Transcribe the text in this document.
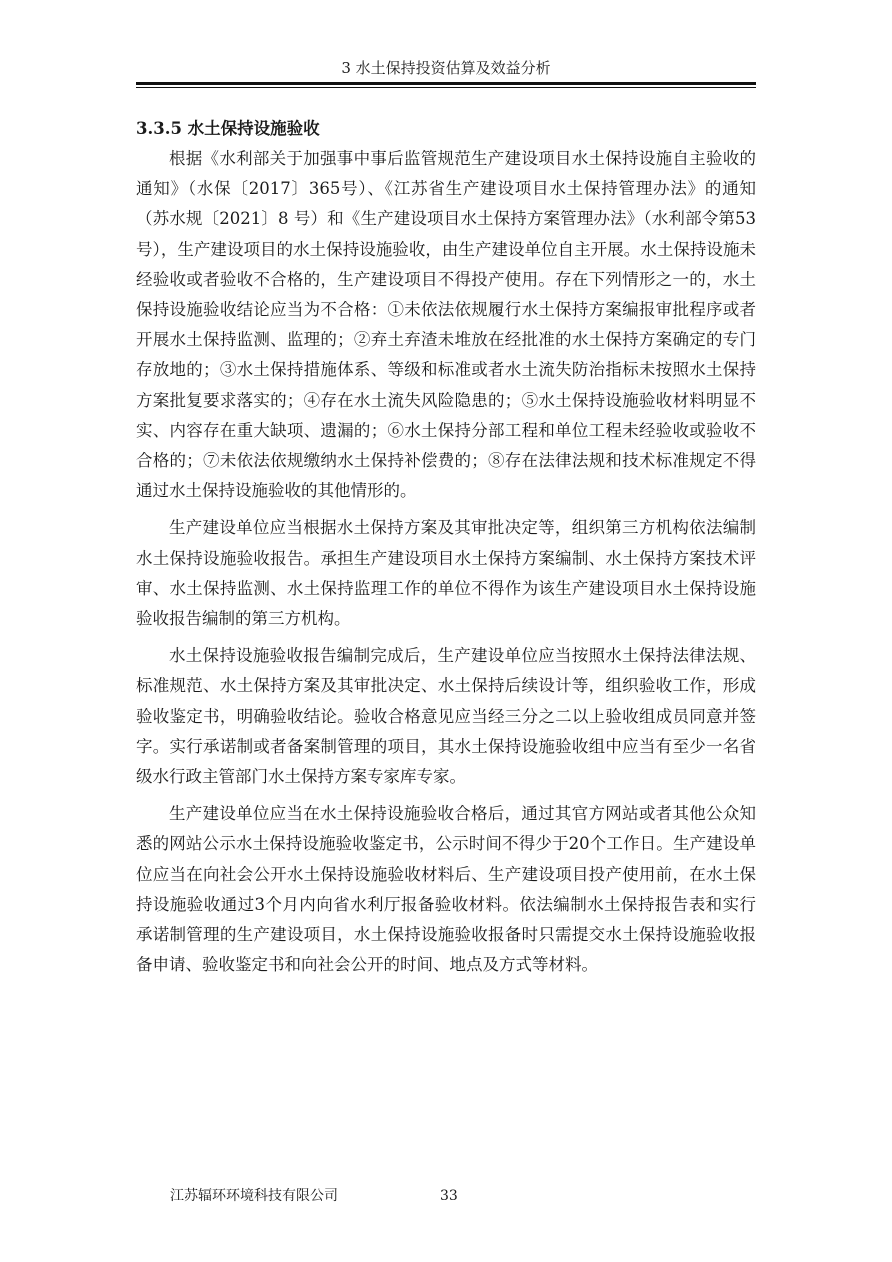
3 水土保持投资估算及效益分析
3.3.5 水土保持设施验收

根据《水利部关于加强事中事后监管规范生产建设项目水土保持设施自主验收的通知》（水保〔2017〕365号）、《江苏省生产建设项目水土保持管理办法》的通知（苏水规〔2021〕8 号）和《生产建设项目水土保持方案管理办法》（水利部令第53号），生产建设项目的水土保持设施验收，由生产建设单位自主开展。水土保持设施未经验收或者验收不合格的，生产建设项目不得投产使用。存在下列情形之一的，水土保持设施验收结论应当为不合格：①未依法依规履行水土保持方案编报审批程序或者开展水土保持监测、监理的；②弃土弃渣未堆放在经批准的水土保持方案确定的专门存放地的；③水土保持措施体系、等级和标准或者水土流失防治指标未按照水土保持方案批复要求落实的；④存在水土流失风险隐患的；⑤水土保持设施验收材料明显不实、内容存在重大缺项、遗漏的；⑥水土保持分部工程和单位工程未经验收或验收不合格的；⑦未依法依规缴纳水土保持补偿费的；⑧存在法律法规和技术标准规定不得通过水土保持设施验收的其他情形的。

生产建设单位应当根据水土保持方案及其审批决定等，组织第三方机构依法编制水土保持设施验收报告。承担生产建设项目水土保持方案编制、水土保持方案技术评审、水土保持监测、水土保持监理工作的单位不得作为该生产建设项目水土保持设施验收报告编制的第三方机构。

水土保持设施验收报告编制完成后，生产建设单位应当按照水土保持法律法规、标准规范、水土保持方案及其审批决定、水土保持后续设计等，组织验收工作，形成验收鉴定书，明确验收结论。验收合格意见应当经三分之二以上验收组成员同意并签字。实行承诺制或者备案制管理的项目，其水土保持设施验收组中应当有至少一名省级水行政主管部门水土保持方案专家库专家。

生产建设单位应当在水土保持设施验收合格后，通过其官方网站或者其他公众知悉的网站公示水土保持设施验收鉴定书，公示时间不得少于20个工作日。生产建设单位应当在向社会公开水土保持设施验收材料后、生产建设项目投产使用前，在水土保持设施验收通过3个月内向省水利厅报备验收材料。依法编制水土保持报告表和实行承诺制管理的生产建设项目，水土保持设施验收报备时只需提交水土保持设施验收报备申请、验收鉴定书和向社会公开的时间、地点及方式等材料。

江苏辐环环境科技有限公司	33
